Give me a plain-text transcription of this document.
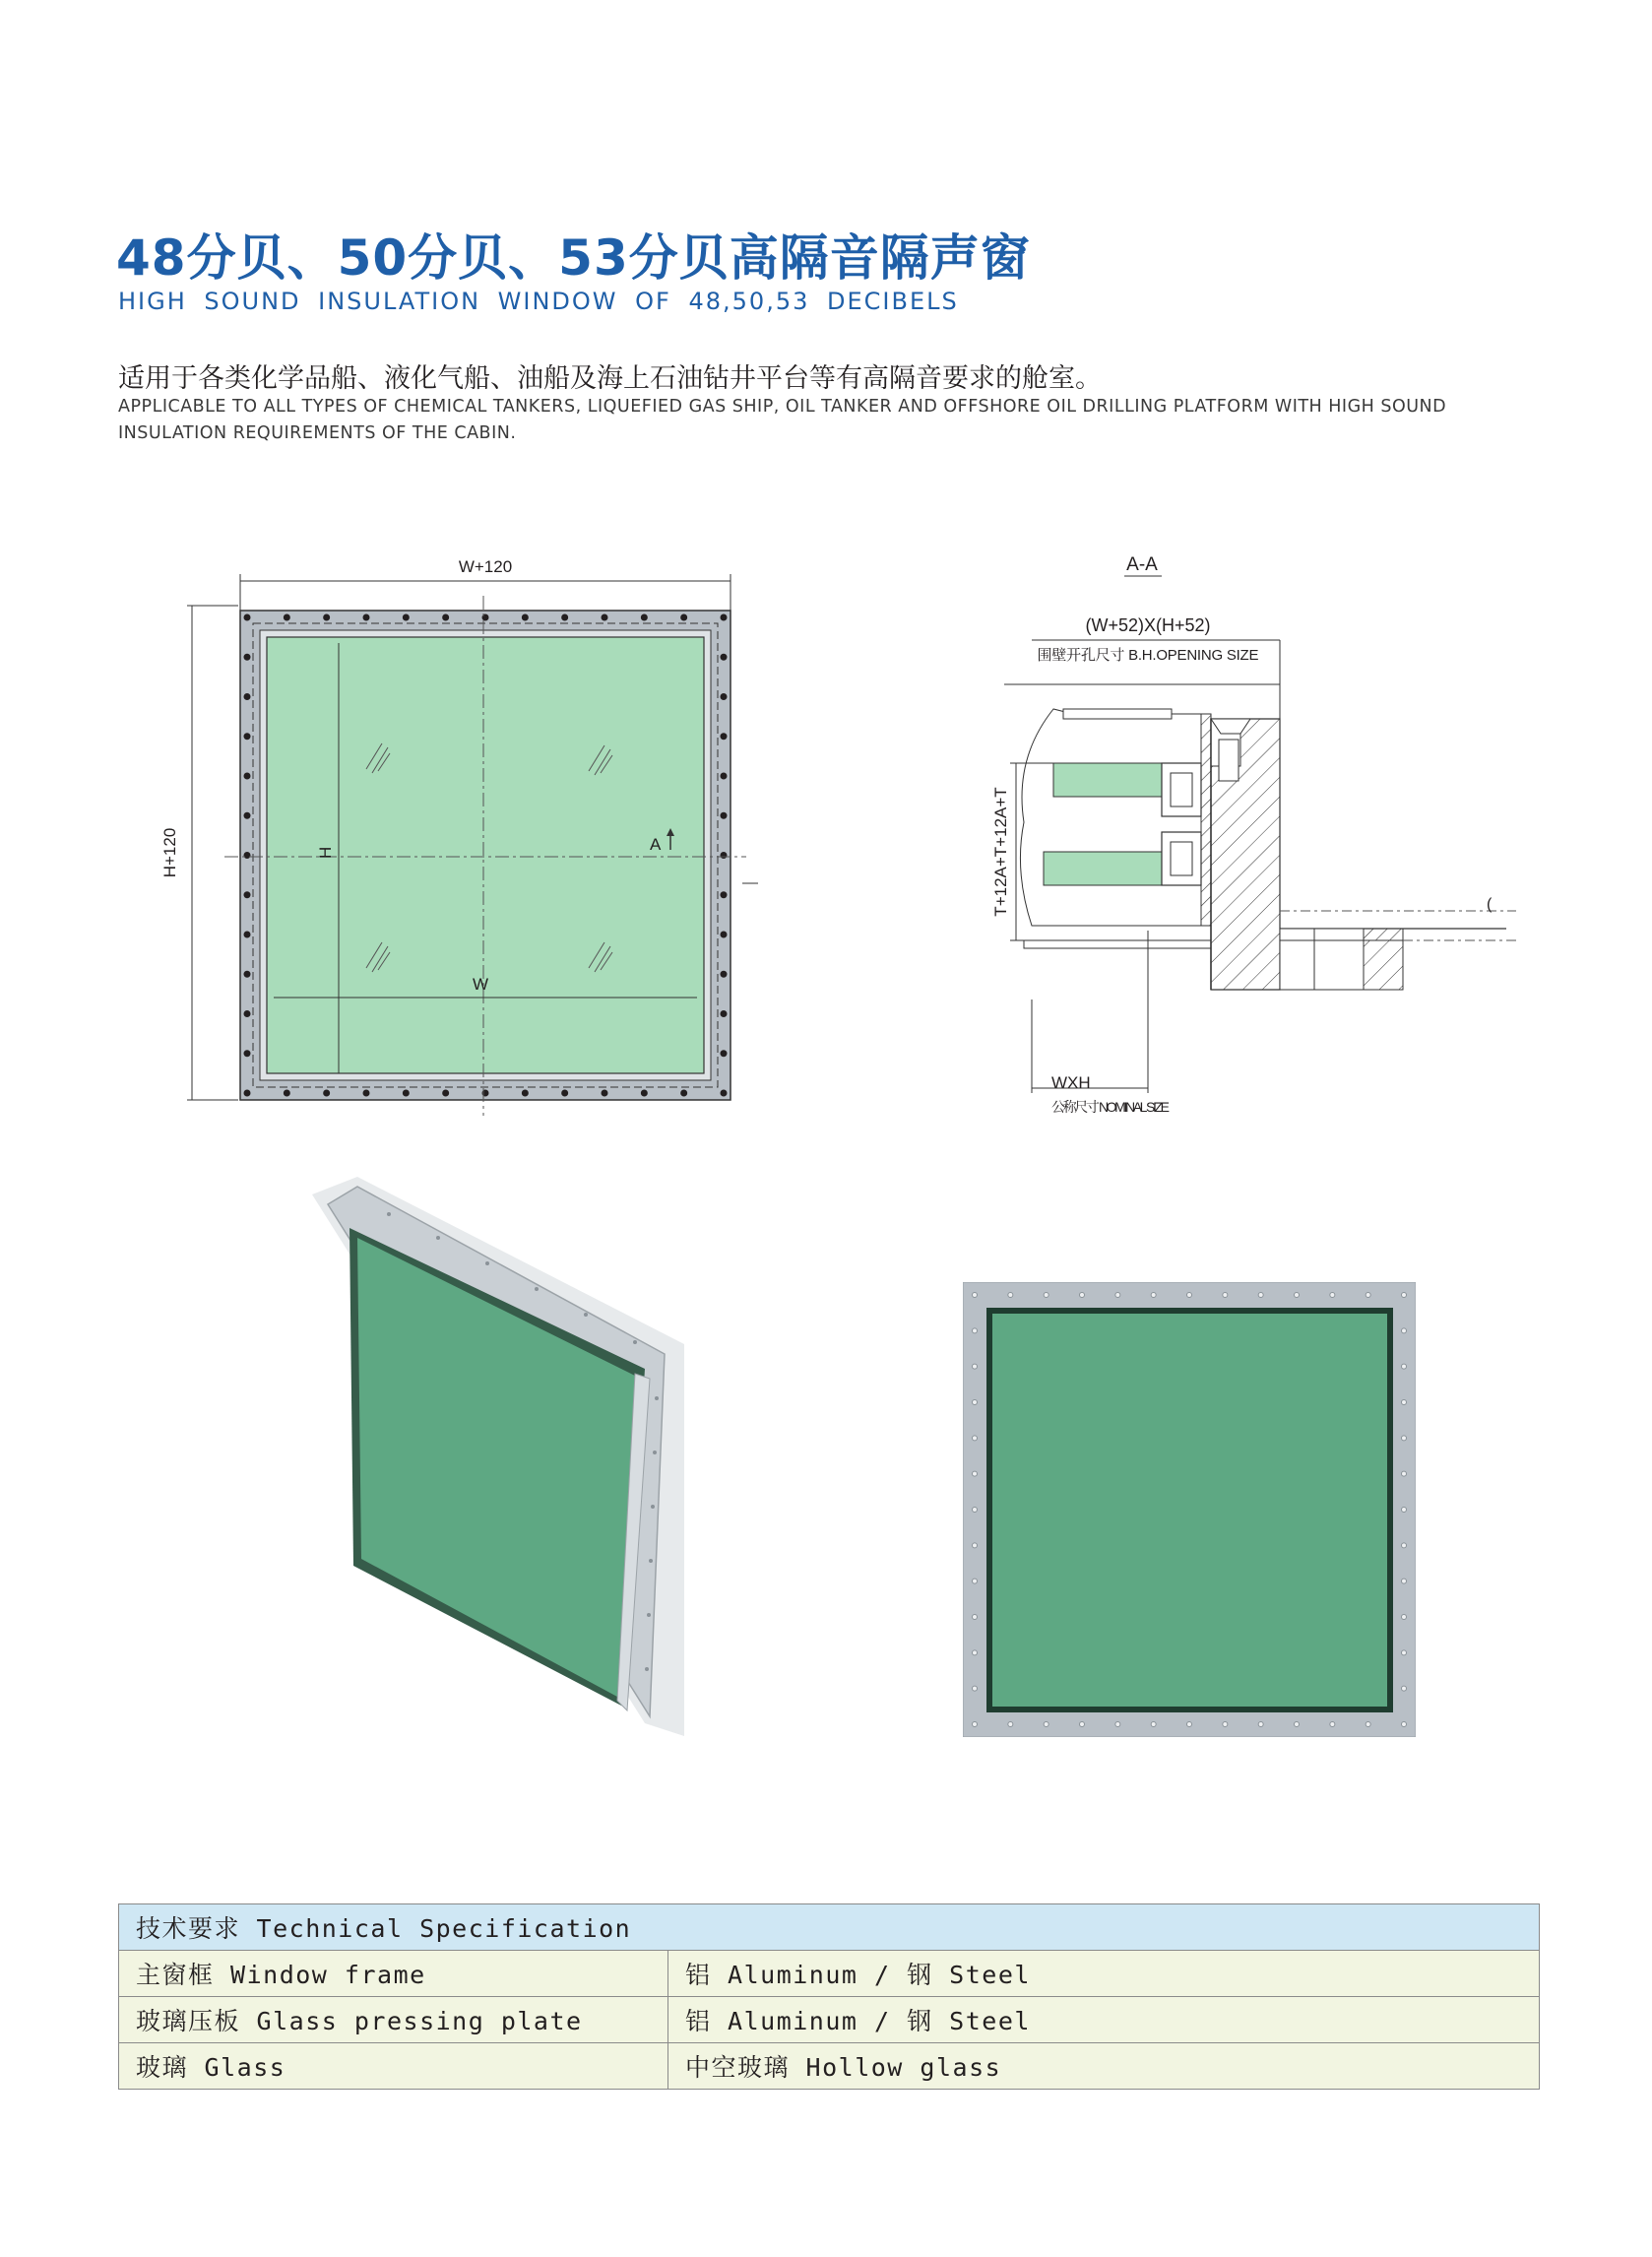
48分贝、50分贝、53分贝高隔音隔声窗
HIGH SOUND INSULATION WINDOW OF 48,50,53 DECIBELS
适用于各类化学品船、液化气船、油船及海上石油钻井平台等有高隔音要求的舱室。
APPLICABLE TO ALL TYPES OF CHEMICAL TANKERS, LIQUEFIED GAS SHIP, OIL TANKER AND OFFSHORE OIL DRILLING PLATFORM WITH HIGH SOUND INSULATION REQUIREMENTS OF THE CABIN.
W+120
H+120	H
W
A
A-A
(W+52)X(H+52)
围壁开孔尺寸 B.H.OPENING SIZE
(
T+12A+T+12A+T
WXH
公称尺寸 NOMINAL SIZE
技术要求 Technical Specification	
主窗框 Window frame	铝 Aluminum / 钢 Steel
玻璃压板 Glass pressing plate	铝 Aluminum / 钢 Steel
玻璃 Glass	中空玻璃 Hollow glass
